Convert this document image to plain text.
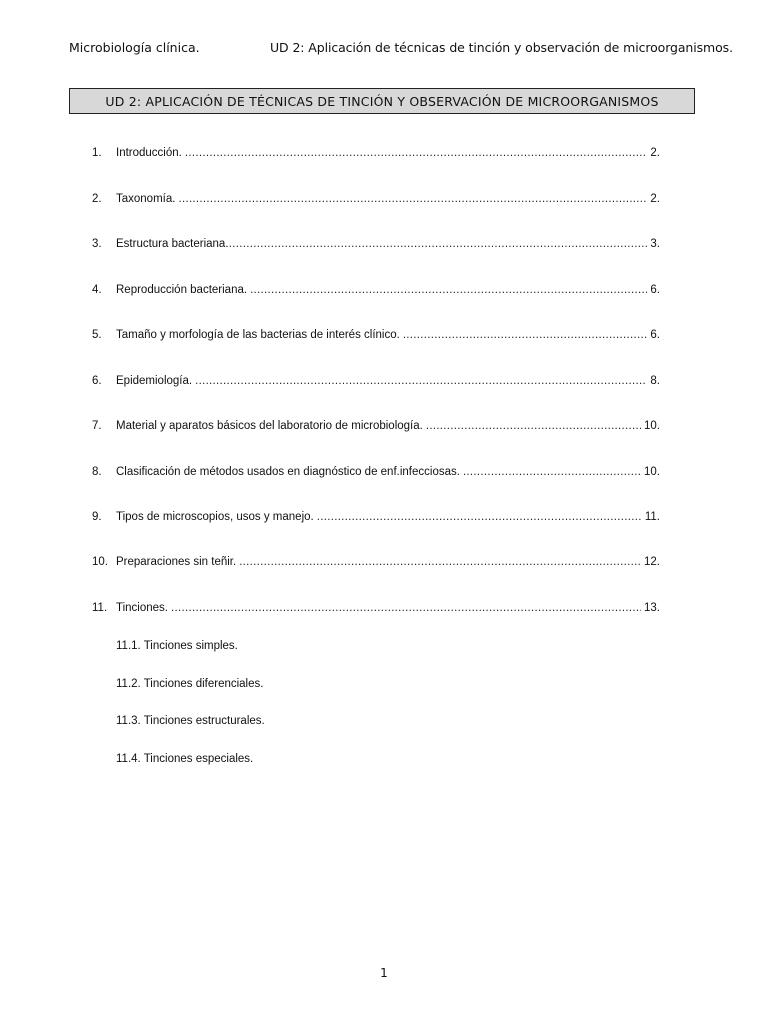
Microbiología clínica.	UD 2: Aplicación de técnicas de tinción y observación de microorganismos.
UD 2: APLICACIÓN DE TÉCNICAS DE TINCIÓN Y OBSERVACIÓN DE MICROORGANISMOS
1.	Introducción. .....	2.
2.	Taxonomía. .....	2.
3.	Estructura bacteriana .....	3.
4.	Reproducción bacteriana. .....	6.
5.	Tamaño y morfología de las bacterias de interés clínico. .....	6.
6.	Epidemiología. .....	8.
7.	Material y aparatos básicos del laboratorio de microbiología. .....	10.
8.	Clasificación de métodos usados en diagnóstico de enf.infecciosas. .....	10.
9.	Tipos de microscopios, usos y manejo. .....	11.
10. Preparaciones sin teñir. .....	12.
11. Tinciones. .....	13.
11.1. Tinciones simples.
11.2. Tinciones diferenciales.
11.3. Tinciones estructurales.
11.4. Tinciones especiales.
1
